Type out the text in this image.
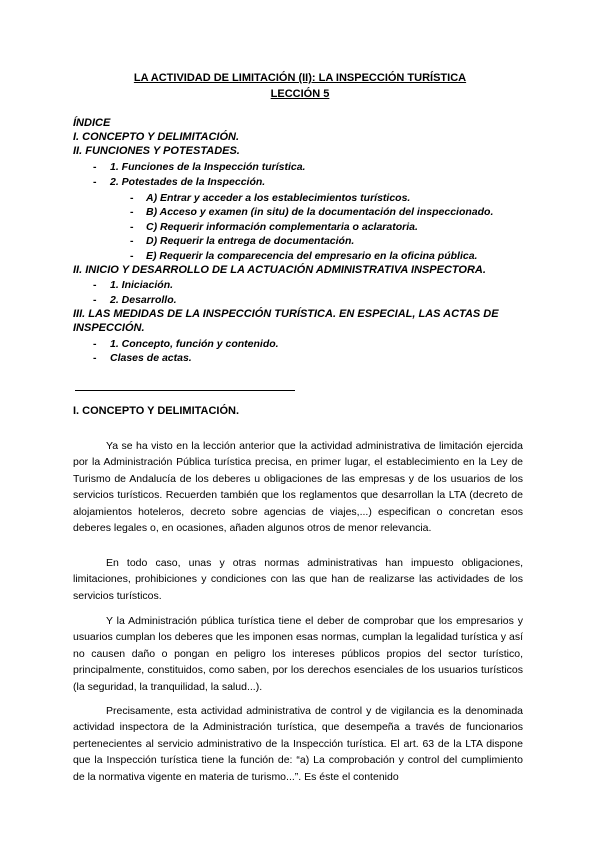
LA ACTIVIDAD DE LIMITACIÓN (II): LA INSPECCIÓN TURÍSTICA
LECCIÓN 5
ÍNDICE
I. CONCEPTO Y DELIMITACIÓN.
II. FUNCIONES Y POTESTADES.
- 1. Funciones de la Inspección turística.
- 2. Potestades de la Inspección.
- A) Entrar y acceder a los establecimientos turísticos.
- B) Acceso y examen (in situ) de la documentación del inspeccionado.
- C) Requerir información complementaria o aclaratoria.
- D) Requerir la entrega de documentación.
- E) Requerir la comparecencia del empresario en la oficina pública.
II. INICIO Y DESARROLLO DE LA ACTUACIÓN ADMINISTRATIVA INSPECTORA.
- 1. Iniciación.
- 2. Desarrollo.
III. LAS MEDIDAS DE LA INSPECCIÓN TURÍSTICA. EN ESPECIAL, LAS ACTAS DE
INSPECCIÓN.
- 1. Concepto, función y contenido.
- Clases de actas.
I. CONCEPTO Y DELIMITACIÓN.

Ya se ha visto en la lección anterior que la actividad administrativa de limitación ejercida por la Administración Pública turística precisa, en primer lugar, el establecimiento en la Ley de Turismo de Andalucía de los deberes u obligaciones de las empresas y de los usuarios de los servicios turísticos. Recuerden también que los reglamentos que desarrollan la LTA (decreto de alojamientos hoteleros, decreto sobre agencias de viajes,...) especifican o concretan esos deberes legales o, en ocasiones, añaden algunos otros de menor relevancia.

En todo caso, unas y otras normas administrativas han impuesto obligaciones, limitaciones, prohibiciones y condiciones con las que han de realizarse las actividades de los servicios turísticos.

Y la Administración pública turística tiene el deber de comprobar que los empresarios y usuarios cumplan los deberes que les imponen esas normas, cumplan la legalidad turística y así no causen daño o pongan en peligro los intereses públicos propios del sector turístico, principalmente, constituidos, como saben, por los derechos esenciales de los usuarios turísticos (la seguridad, la tranquilidad, la salud...).

Precisamente, esta actividad administrativa de control y de vigilancia es la denominada actividad inspectora de la Administración turística, que desempeña a través de funcionarios pertenecientes al servicio administrativo de la Inspección turística. El art. 63 de la LTA dispone que la Inspección turística tiene la función de: “a) La comprobación y control del cumplimiento de la normativa vigente en materia de turismo...”. Es éste el contenido
